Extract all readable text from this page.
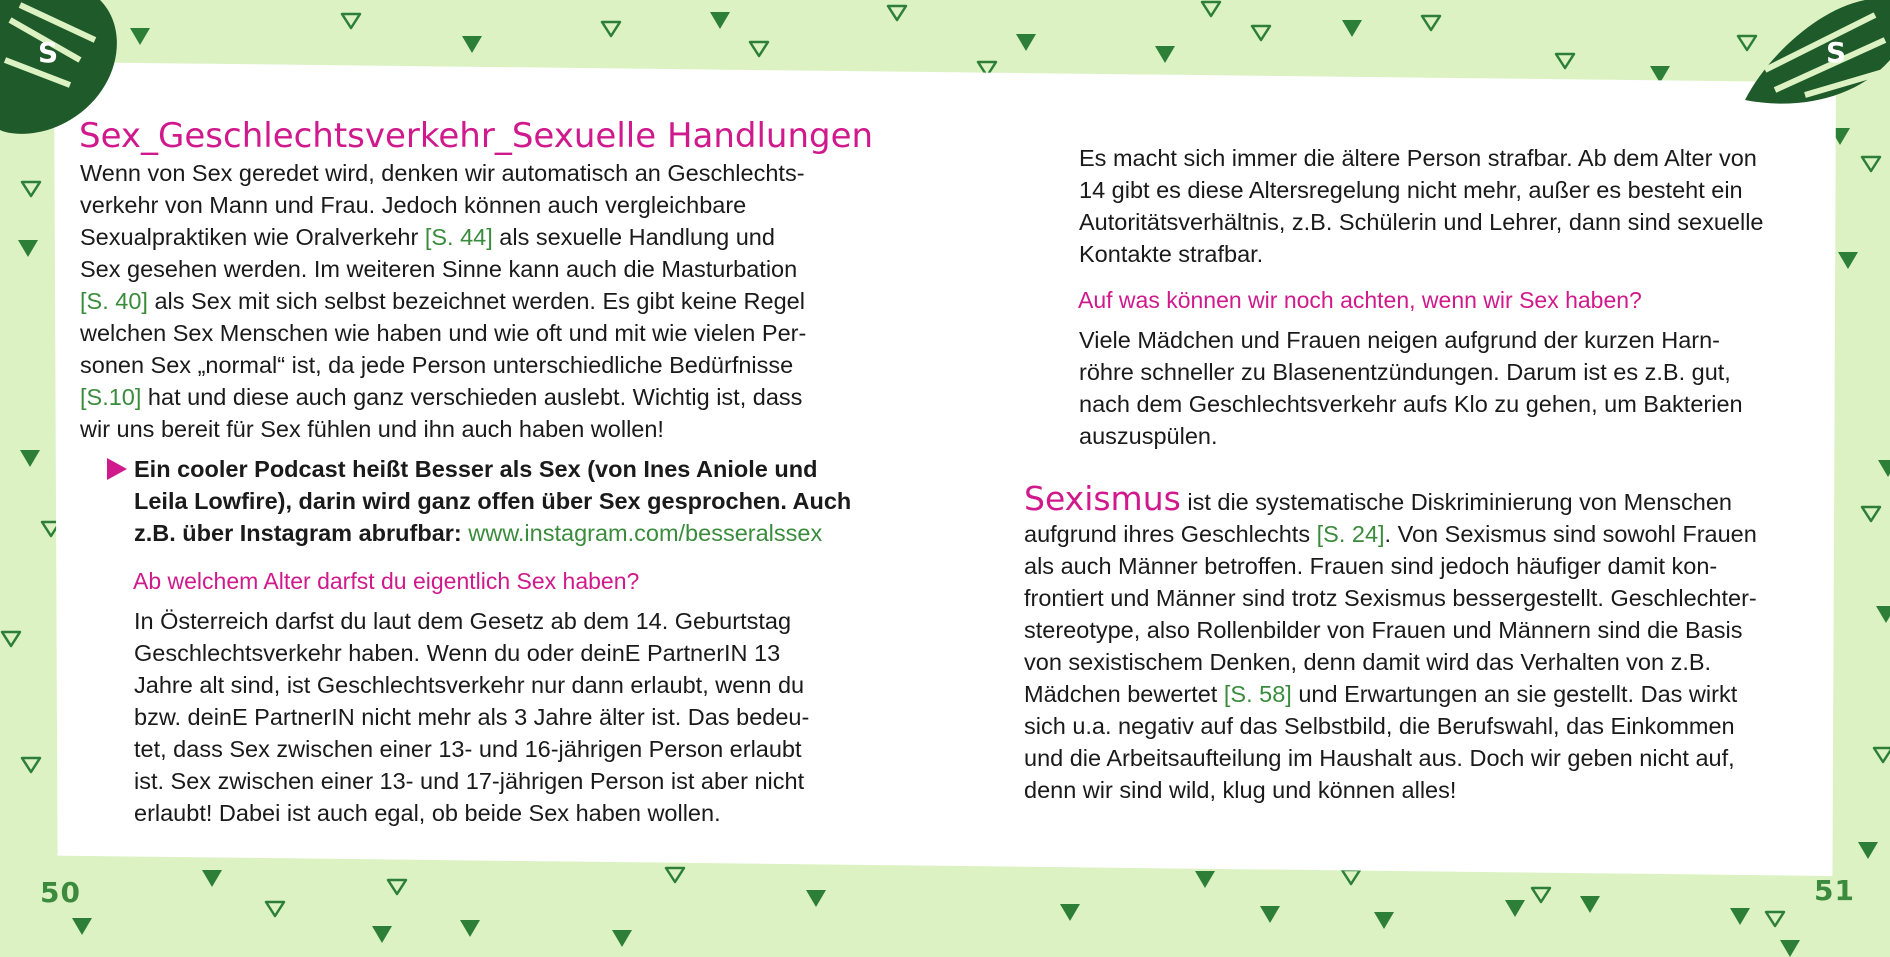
S	S
50	51
Sex_Geschlechtsverkehr_Sexuelle Handlungen

Wenn von Sex geredet wird, denken wir automatisch an Geschlechts-

verkehr von Mann und Frau. Jedoch können auch vergleichbare

Sexualpraktiken wie Oralverkehr [S. 44] als sexuelle Handlung und

Sex gesehen werden. Im weiteren Sinne kann auch die Masturbation

[S. 40] als Sex mit sich selbst bezeichnet werden. Es gibt keine Regel

welchen Sex Menschen wie haben und wie oft und mit wie vielen Per-

sonen Sex „normal“ ist, da jede Person unterschiedliche Bedürfnisse

[S.10] hat und diese auch ganz verschieden auslebt. Wichtig ist, dass

wir uns bereit für Sex fühlen und ihn auch haben wollen!

Ein cooler Podcast heißt Besser als Sex (von Ines Aniole und

Leila Lowfire), darin wird ganz offen über Sex gesprochen. Auch

z.B. über Instagram abrufbar: www.instagram.com/besseralssex

Ab welchem Alter darfst du eigentlich Sex haben?

In Österreich darfst du laut dem Gesetz ab dem 14. Geburtstag

Geschlechtsverkehr haben. Wenn du oder deinE PartnerIN 13

Jahre alt sind, ist Geschlechtsverkehr nur dann erlaubt, wenn du

bzw. deinE PartnerIN nicht mehr als 3 Jahre älter ist. Das bedeu-

tet, dass Sex zwischen einer 13- und 16-jährigen Person erlaubt

ist. Sex zwischen einer 13- und 17-jährigen Person ist aber nicht

erlaubt! Dabei ist auch egal, ob beide Sex haben wollen.

Es macht sich immer die ältere Person strafbar. Ab dem Alter von

14 gibt es diese Altersregelung nicht mehr, außer es besteht ein

Autoritätsverhältnis, z.B. Schülerin und Lehrer, dann sind sexuelle

Kontakte strafbar.

Auf was können wir noch achten, wenn wir Sex haben?

Viele Mädchen und Frauen neigen aufgrund der kurzen Harn-

röhre schneller zu Blasenentzündungen. Darum ist es z.B. gut,

nach dem Geschlechtsverkehr aufs Klo zu gehen, um Bakterien

auszuspülen.

Sexismus ist die systematische Diskriminierung von Menschen

aufgrund ihres Geschlechts [S. 24]. Von Sexismus sind sowohl Frauen

als auch Männer betroffen. Frauen sind jedoch häufiger damit kon-

frontiert und Männer sind trotz Sexismus bessergestellt. Geschlechter-

stereotype, also Rollenbilder von Frauen und Männern sind die Basis

von sexistischem Denken, denn damit wird das Verhalten von z.B.

Mädchen bewertet [S. 58] und Erwartungen an sie gestellt. Das wirkt

sich u.a. negativ auf das Selbstbild, die Berufswahl, das Einkommen

und die Arbeitsaufteilung im Haushalt aus. Doch wir geben nicht auf,

denn wir sind wild, klug und können alles!
